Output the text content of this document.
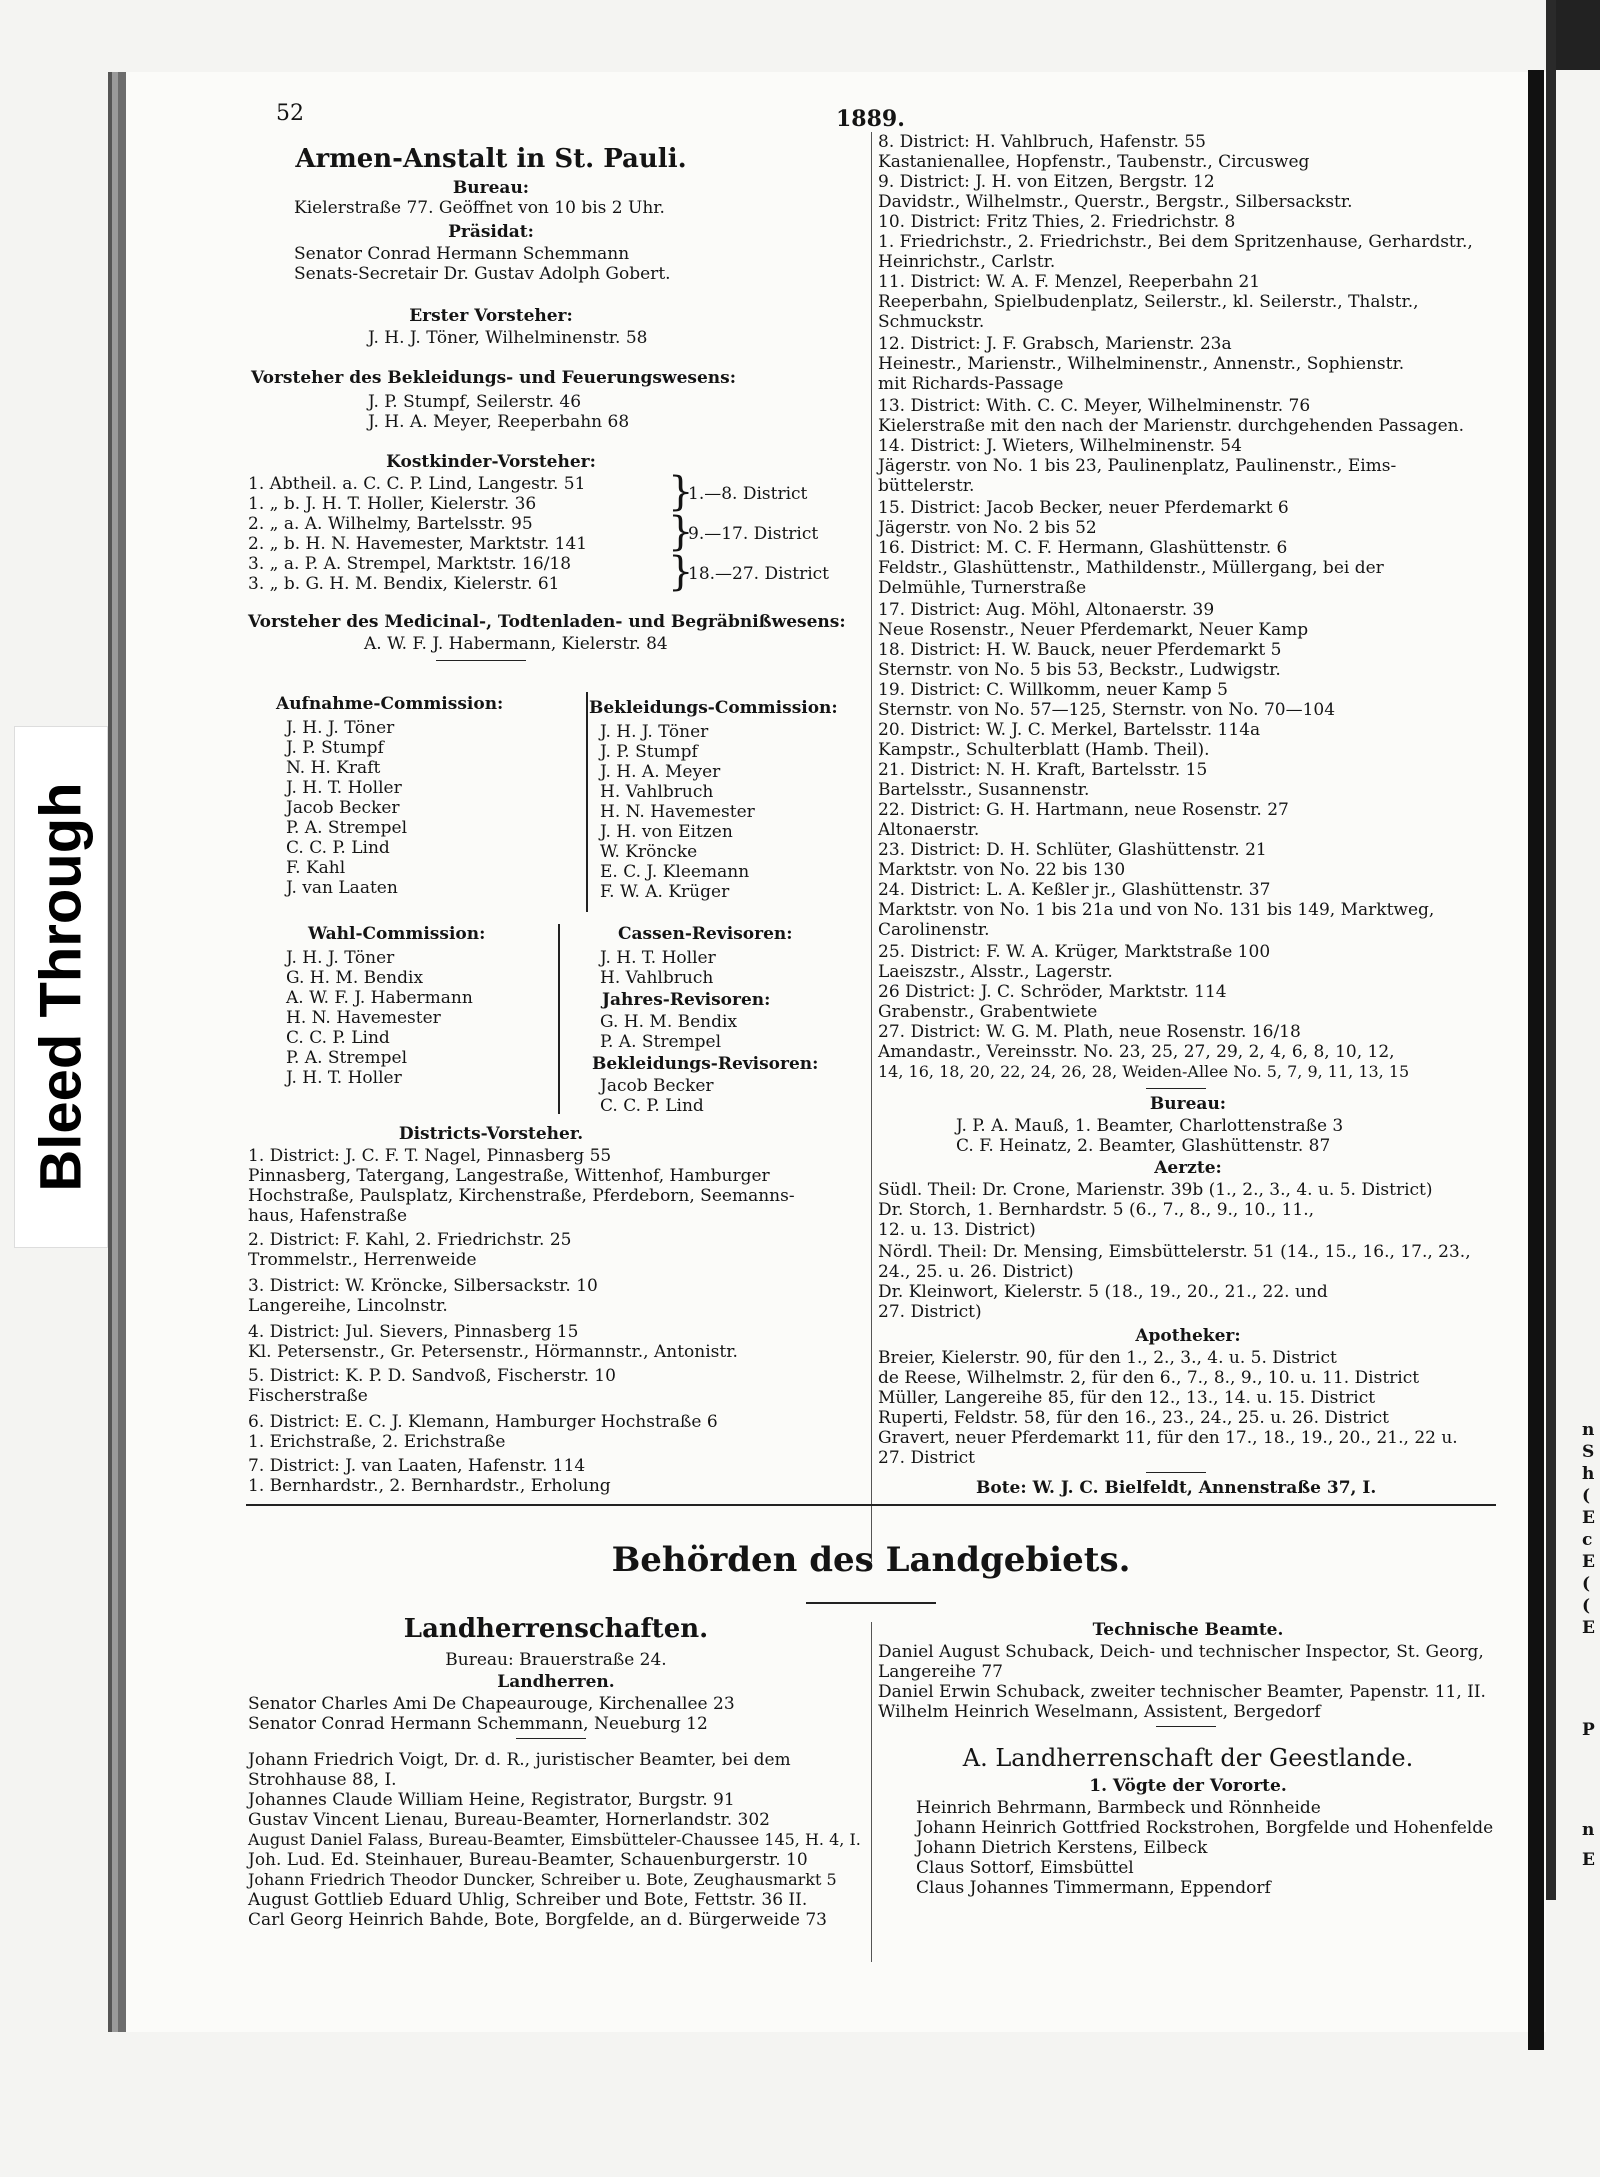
52	1889.
Armen-Anstalt in St. Pauli.
Bureau:
Kielerstraße 77. Geöffnet von 10 bis 2 Uhr.
Präsidat:
Senator Conrad Hermann Schemmann
Senats-Secretair Dr. Gustav Adolph Gobert.
Erster Vorsteher:
J. H. J. Töner, Wilhelminenstr. 58
Vorsteher des Bekleidungs- und Feuerungswesens:
J. P. Stumpf, Seilerstr. 46
J. H. A. Meyer, Reeperbahn 68
Kostkinder-Vorsteher:
1. Abtheil. a. C. C. P. Lind, Langestr. 51
1. „ b. J. H. T. Holler, Kielerstr. 36
2. „ a. A. Wilhelmy, Bartelsstr. 95
2. „ b. H. N. Havemester, Marktstr. 141
3. „ a. P. A. Strempel, Marktstr. 16/18
3. „ b. G. H. M. Bendix, Kielerstr. 61
}
}
}
1.—8. District
9.—17. District
18.—27. District
Vorsteher des Medicinal-, Todtenladen- und Begräbnißwesens:
A. W. F. J. Habermann, Kielerstr. 84
Aufnahme-Commission:
J. H. J. Töner
J. P. Stumpf
N. H. Kraft
J. H. T. Holler
Jacob Becker
P. A. Strempel
C. C. P. Lind
F. Kahl
J. van Laaten
Bekleidungs-Commission:
J. H. J. Töner
J. P. Stumpf
J. H. A. Meyer
H. Vahlbruch
H. N. Havemester
J. H. von Eitzen
W. Kröncke
E. C. J. Kleemann
F. W. A. Krüger
Wahl-Commission:
J. H. J. Töner
G. H. M. Bendix
A. W. F. J. Habermann
H. N. Havemester
C. C. P. Lind
P. A. Strempel
J. H. T. Holler
Cassen-Revisoren:
J. H. T. Holler
H. Vahlbruch
Jahres-Revisoren:
G. H. M. Bendix
P. A. Strempel
Bekleidungs-Revisoren:
Jacob Becker
C. C. P. Lind
Districts-Vorsteher.
1. District: J. C. F. T. Nagel, Pinnasberg 55
Pinnasberg, Tatergang, Langestraße, Wittenhof, Hamburger
Hochstraße, Paulsplatz, Kirchenstraße, Pferdeborn, Seemanns-
haus, Hafenstraße
2. District: F. Kahl, 2. Friedrichstr. 25
Trommelstr., Herrenweide
3. District: W. Kröncke, Silbersackstr. 10
Langereihe, Lincolnstr.
4. District: Jul. Sievers, Pinnasberg 15
Kl. Petersenstr., Gr. Petersenstr., Hörmannstr., Antonistr.
5. District: K. P. D. Sandvoß, Fischerstr. 10
Fischerstraße
6. District: E. C. J. Klemann, Hamburger Hochstraße 6
1. Erichstraße, 2. Erichstraße
7. District: J. van Laaten, Hafenstr. 114
1. Bernhardstr., 2. Bernhardstr., Erholung
8. District: H. Vahlbruch, Hafenstr. 55
Kastanienallee, Hopfenstr., Taubenstr., Circusweg
9. District: J. H. von Eitzen, Bergstr. 12
Davidstr., Wilhelmstr., Querstr., Bergstr., Silbersackstr.
10. District: Fritz Thies, 2. Friedrichstr. 8
1. Friedrichstr., 2. Friedrichstr., Bei dem Spritzenhause, Gerhardstr.,
Heinrichstr., Carlstr.
11. District: W. A. F. Menzel, Reeperbahn 21
Reeperbahn, Spielbudenplatz, Seilerstr., kl. Seilerstr., Thalstr.,
Schmuckstr.
12. District: J. F. Grabsch, Marienstr. 23a
Heinestr., Marienstr., Wilhelminenstr., Annenstr., Sophienstr.
mit Richards-Passage
13. District: With. C. C. Meyer, Wilhelminenstr. 76
Kielerstraße mit den nach der Marienstr. durchgehenden Passagen.
14. District: J. Wieters, Wilhelminenstr. 54
Jägerstr. von No. 1 bis 23, Paulinenplatz, Paulinenstr., Eims-
büttelerstr.
15. District: Jacob Becker, neuer Pferdemarkt 6
Jägerstr. von No. 2 bis 52
16. District: M. C. F. Hermann, Glashüttenstr. 6
Feldstr., Glashüttenstr., Mathildenstr., Müllergang, bei der
Delmühle, Turnerstraße
17. District: Aug. Möhl, Altonaerstr. 39
Neue Rosenstr., Neuer Pferdemarkt, Neuer Kamp
18. District: H. W. Bauck, neuer Pferdemarkt 5
Sternstr. von No. 5 bis 53, Beckstr., Ludwigstr.
19. District: C. Willkomm, neuer Kamp 5
Sternstr. von No. 57—125, Sternstr. von No. 70—104
20. District: W. J. C. Merkel, Bartelsstr. 114a
Kampstr., Schulterblatt (Hamb. Theil).
21. District: N. H. Kraft, Bartelsstr. 15
Bartelsstr., Susannenstr.
22. District: G. H. Hartmann, neue Rosenstr. 27
Altonaerstr.
23. District: D. H. Schlüter, Glashüttenstr. 21
Marktstr. von No. 22 bis 130
24. District: L. A. Keßler jr., Glashüttenstr. 37
Marktstr. von No. 1 bis 21a und von No. 131 bis 149, Marktweg,
Carolinenstr.
25. District: F. W. A. Krüger, Marktstraße 100
Laeiszstr., Alsstr., Lagerstr.
26 District: J. C. Schröder, Marktstr. 114
Grabenstr., Grabentwiete
27. District: W. G. M. Plath, neue Rosenstr. 16/18
Amandastr., Vereinsstr. No. 23, 25, 27, 29, 2, 4, 6, 8, 10, 12,
14, 16, 18, 20, 22, 24, 26, 28, Weiden-Allee No. 5, 7, 9, 11, 13, 15
Bureau:
J. P. A. Mauß, 1. Beamter, Charlottenstraße 3
C. F. Heinatz, 2. Beamter, Glashüttenstr. 87
Aerzte:
Südl. Theil: Dr. Crone, Marienstr. 39b (1., 2., 3., 4. u. 5. District)
Dr. Storch, 1. Bernhardstr. 5 (6., 7., 8., 9., 10., 11.,
12. u. 13. District)
Nördl. Theil: Dr. Mensing, Eimsbüttelerstr. 51 (14., 15., 16., 17., 23.,
24., 25. u. 26. District)
Dr. Kleinwort, Kielerstr. 5 (18., 19., 20., 21., 22. und
27. District)
Apotheker:
Breier, Kielerstr. 90, für den 1., 2., 3., 4. u. 5. District
de Reese, Wilhelmstr. 2, für den 6., 7., 8., 9., 10. u. 11. District
Müller, Langereihe 85, für den 12., 13., 14. u. 15. District
Ruperti, Feldstr. 58, für den 16., 23., 24., 25. u. 26. District
Gravert, neuer Pferdemarkt 11, für den 17., 18., 19., 20., 21., 22 u.
27. District
Bote: W. J. C. Bielfeldt, Annenstraße 37, I.
Behörden des Landgebiets.
Landherrenschaften.
Bureau: Brauerstraße 24.
Landherren.
Senator Charles Ami De Chapeaurouge, Kirchenallee 23
Senator Conrad Hermann Schemmann, Neueburg 12
Johann Friedrich Voigt, Dr. d. R., juristischer Beamter, bei dem
Strohhause 88, I.
Johannes Claude William Heine, Registrator, Burgstr. 91
Gustav Vincent Lienau, Bureau-Beamter, Hornerlandstr. 302
August Daniel Falass, Bureau-Beamter, Eimsbütteler-Chaussee 145, H. 4, I.
Joh. Lud. Ed. Steinhauer, Bureau-Beamter, Schauenburgerstr. 10
Johann Friedrich Theodor Duncker, Schreiber u. Bote, Zeughausmarkt 5
August Gottlieb Eduard Uhlig, Schreiber und Bote, Fettstr. 36 II.
Carl Georg Heinrich Bahde, Bote, Borgfelde, an d. Bürgerweide 73
Technische Beamte.
Daniel August Schuback, Deich- und technischer Inspector, St. Georg,
Langereihe 77
Daniel Erwin Schuback, zweiter technischer Beamter, Papenstr. 11, II.
Wilhelm Heinrich Weselmann, Assistent, Bergedorf
A. Landherrenschaft der Geestlande.
1. Vögte der Vororte.
Heinrich Behrmann, Barmbeck und Rönnheide
Johann Heinrich Gottfried Rockstrohen, Borgfelde und Hohenfelde
Johann Dietrich Kerstens, Eilbeck
Claus Sottorf, Eimsbüttel
Claus Johannes Timmermann, Eppendorf
n
S
h
(
E
c
E
(
(
E
P
n
E
Bleed Through
